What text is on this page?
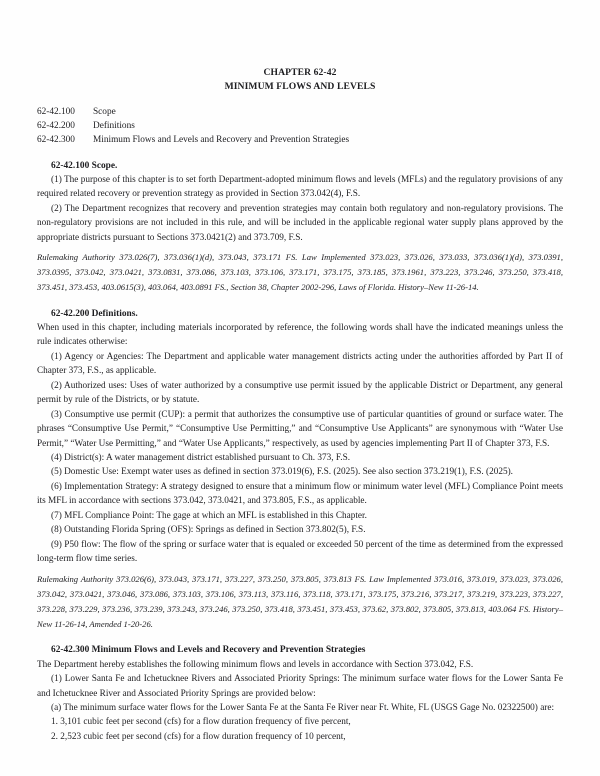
CHAPTER 62-42
MINIMUM FLOWS AND LEVELS
62-42.100	Scope
62-42.200	Definitions
62-42.300	Minimum Flows and Levels and Recovery and Prevention Strategies
62-42.100 Scope.

(1) The purpose of this chapter is to set forth Department-adopted minimum flows and levels (MFLs) and the regulatory provisions of any required related recovery or prevention strategy as provided in Section 373.042(4), F.S.

(2) The Department recognizes that recovery and prevention strategies may contain both regulatory and non-regulatory provisions. The non-regulatory provisions are not included in this rule, and will be included in the applicable regional water supply plans approved by the appropriate districts pursuant to Sections 373.0421(2) and 373.709, F.S.

Rulemaking Authority 373.026(7), 373.036(1)(d), 373.043, 373.171 FS. Law Implemented 373.023, 373.026, 373.033, 373.036(1)(d), 373.0391, 373.0395, 373.042, 373.0421, 373.0831, 373.086, 373.103, 373.106, 373.171, 373.175, 373.185, 373.1961, 373.223, 373.246, 373.250, 373.418, 373.451, 373.453, 403.0615(3), 403.064, 403.0891 FS., Section 38, Chapter 2002-296, Laws of Florida. History–New 11-26-14.

62-42.200 Definitions.

When used in this chapter, including materials incorporated by reference, the following words shall have the indicated meanings unless the rule indicates otherwise:

(1) Agency or Agencies: The Department and applicable water management districts acting under the authorities afforded by Part II of Chapter 373, F.S., as applicable.

(2) Authorized uses: Uses of water authorized by a consumptive use permit issued by the applicable District or Department, any general permit by rule of the Districts, or by statute.

(3) Consumptive use permit (CUP): a permit that authorizes the consumptive use of particular quantities of ground or surface water. The phrases “Consumptive Use Permit,” “Consumptive Use Permitting,” and “Consumptive Use Applicants” are synonymous with “Water Use Permit,” “Water Use Permitting,” and “Water Use Applicants,” respectively, as used by agencies implementing Part II of Chapter 373, F.S.

(4) District(s): A water management district established pursuant to Ch. 373, F.S.

(5) Domestic Use: Exempt water uses as defined in section 373.019(6), F.S. (2025). See also section 373.219(1), F.S. (2025).

(6) Implementation Strategy: A strategy designed to ensure that a minimum flow or minimum water level (MFL) Compliance Point meets its MFL in accordance with sections 373.042, 373.0421, and 373.805, F.S., as applicable.

(7) MFL Compliance Point: The gage at which an MFL is established in this Chapter.

(8) Outstanding Florida Spring (OFS): Springs as defined in Section 373.802(5), F.S.

(9) P50 flow: The flow of the spring or surface water that is equaled or exceeded 50 percent of the time as determined from the expressed long-term flow time series.

Rulemaking Authority 373.026(6), 373.043, 373.171, 373.227, 373.250, 373.805, 373.813 FS. Law Implemented 373.016, 373.019, 373.023, 373.026, 373.042, 373.0421, 373.046, 373.086, 373.103, 373.106, 373.113, 373.116, 373.118, 373.171, 373.175, 373.216, 373.217, 373.219, 373.223, 373.227, 373.228, 373.229, 373.236, 373.239, 373.243, 373.246, 373.250, 373.418, 373.451, 373.453, 373.62, 373.802, 373.805, 373.813, 403.064 FS. History–New 11-26-14, Amended 1-20-26.

62-42.300 Minimum Flows and Levels and Recovery and Prevention Strategies

The Department hereby establishes the following minimum flows and levels in accordance with Section 373.042, F.S.

(1) Lower Santa Fe and Ichetucknee Rivers and Associated Priority Springs: The minimum surface water flows for the Lower Santa Fe and Ichetucknee River and Associated Priority Springs are provided below:

(a) The minimum surface water flows for the Lower Santa Fe at the Santa Fe River near Ft. White, FL (USGS Gage No. 02322500) are:

1. 3,101 cubic feet per second (cfs) for a flow duration frequency of five percent,

2. 2,523 cubic feet per second (cfs) for a flow duration frequency of 10 percent,
